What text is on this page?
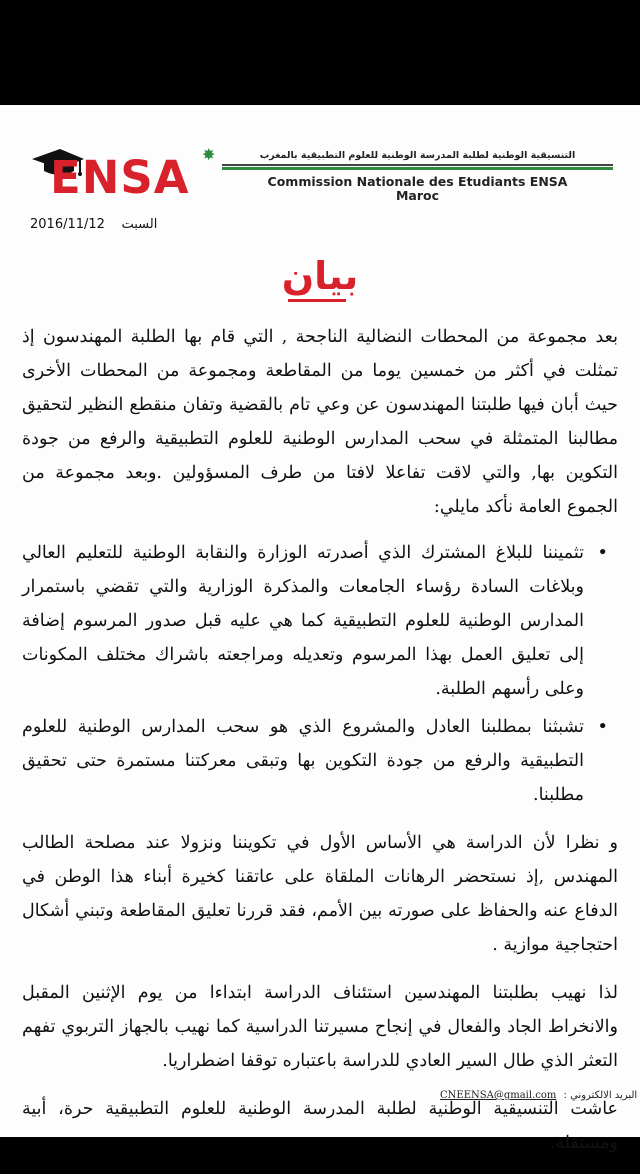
ENSA ✸	التنسيقية الوطنية لطلبة المدرسة الوطنية للعلوم التطبيقية بالمغرب
Commission Nationale des Etudiants ENSA
Maroc
السبت    2016/11/12
بيان

بعد مجموعة من المحطات النضالية الناجحة , التي قام بها الطلبة المهندسون إذ تمثلت في أكثر من خمسين يوما من المقاطعة ومجموعة من المحطات الأخرى حيث أبان فيها طلبتنا المهندسون عن وعي تام بالقضية وتفان منقطع النظير لتحقيق مطالبنا المتمثلة في سحب المدارس الوطنية للعلوم التطبيقية والرفع من جودة التكوين بها, والتي لاقت تفاعلا لافتا من طرف المسؤولين .وبعد مجموعة من الجموع العامة نأكد مايلي:

•
تثميننا للبلاغ المشترك الذي أصدرته الوزارة والنقابة الوطنية للتعليم العالي وبلاغات السادة رؤساء الجامعات والمذكرة الوزارية والتي تقضي باستمرار المدارس الوطنية للعلوم التطبيقية كما هي عليه قبل صدور المرسوم إضافة إلى تعليق العمل بهذا المرسوم وتعديله ومراجعته باشراك مختلف المكونات وعلى رأسهم الطلبة.
•
تشبثنا بمطلبنا العادل والمشروع الذي هو سحب المدارس الوطنية للعلوم التطبيقية والرفع من جودة التكوين بها وتبقى معركتنا مستمرة حتى تحقيق مطلبنا.

و نظرا لأن الدراسة هي الأساس الأول في تكويننا ونزولا عند مصلحة الطالب المهندس ,إذ نستحضر الرهانات الملقاة على عاتقنا كخيرة أبناء هذا الوطن في الدفاع عنه والحفاظ على صورته بين الأمم، فقد قررنا تعليق المقاطعة وتبني أشكال احتجاجية موازية .

لذا نهيب بطلبتنا المهندسين استئناف الدراسة ابتداءا من يوم الإثنين المقبل والانخراط الجاد والفعال في إنجاح مسيرتنا الدراسية كما نهيب بالجهاز التربوي تفهم التعثر الذي طال السير العادي للدراسة باعتباره توقفا اضطراريا.

عاشت التنسيقية الوطنية لطلبة المدرسة الوطنية للعلوم التطبيقية حرة، أبية ومستقلة.

البريد الالكتروني : CNEENSA@gmail.com
